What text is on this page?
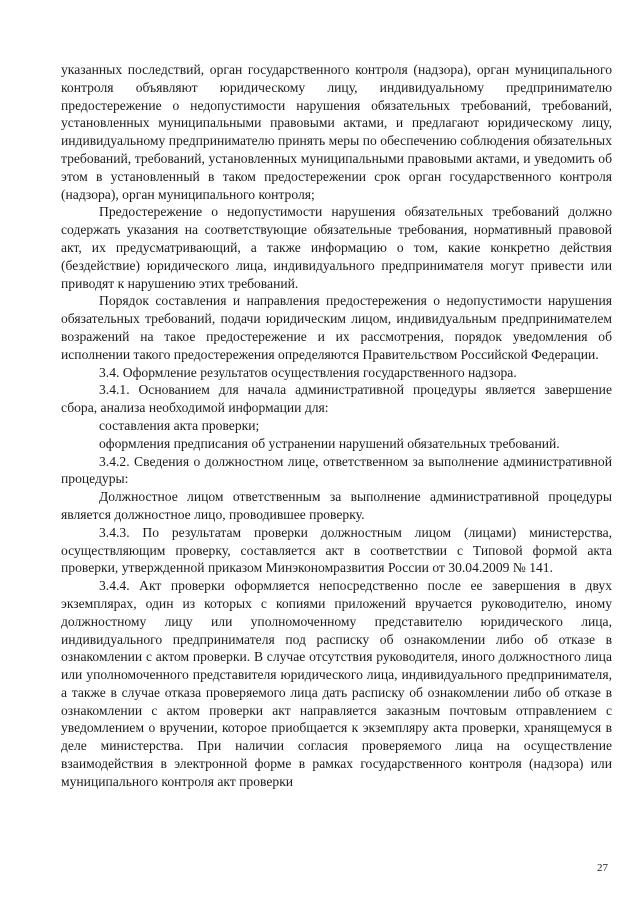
указанных последствий, орган государственного контроля (надзора), орган муниципального контроля объявляют юридическому лицу, индивидуальному предпринимателю предостережение о недопустимости нарушения обязательных требований, требований, установленных муниципальными правовыми актами, и предлагают юридическому лицу, индивидуальному предпринимателю принять меры по обеспечению соблюдения обязательных требований, требований, установленных муниципальными правовыми актами, и уведомить об этом в установленный в таком предостережении срок орган государственного контроля (надзора), орган муниципального контроля;

Предостережение о недопустимости нарушения обязательных требований должно содержать указания на соответствующие обязательные требования, нормативный правовой акт, их предусматривающий, а также информацию о том, какие конкретно действия (бездействие) юридического лица, индивидуального предпринимателя могут привести или приводят к нарушению этих требований.

Порядок составления и направления предостережения о недопустимости нарушения обязательных требований, подачи юридическим лицом, индивидуальным предпринимателем возражений на такое предостережение и их рассмотрения, порядок уведомления об исполнении такого предостережения определяются Правительством Российской Федерации.

3.4. Оформление результатов осуществления государственного надзора.

3.4.1. Основанием для начала административной процедуры является завершение сбора, анализа необходимой информации для:

составления акта проверки;

оформления предписания об устранении нарушений обязательных требований.

3.4.2. Сведения о должностном лице, ответственном за выполнение административной процедуры:

Должностное лицом ответственным за выполнение административной процедуры является должностное лицо, проводившее проверку.

3.4.3. По результатам проверки должностным лицом (лицами) министерства, осуществляющим проверку, составляется акт в соответствии с Типовой формой акта проверки, утвержденной приказом Минэкономразвития России от 30.04.2009 № 141.

3.4.4. Акт проверки оформляется непосредственно после ее завершения в двух экземплярах, один из которых с копиями приложений вручается руководителю, иному должностному лицу или уполномоченному представителю юридического лица, индивидуального предпринимателя под расписку об ознакомлении либо об отказе в ознакомлении с актом проверки. В случае отсутствия руководителя, иного должностного лица или уполномоченного представителя юридического лица, индивидуального предпринимателя, а также в случае отказа проверяемого лица дать расписку об ознакомлении либо об отказе в ознакомлении с актом проверки акт направляется заказным почтовым отправлением с уведомлением о вручении, которое приобщается к экземпляру акта проверки, хранящемуся в деле министерства. При наличии согласия проверяемого лица на осуществление взаимодействия в электронной форме в рамках государственного контроля (надзора) или муниципального контроля акт проверки

27
